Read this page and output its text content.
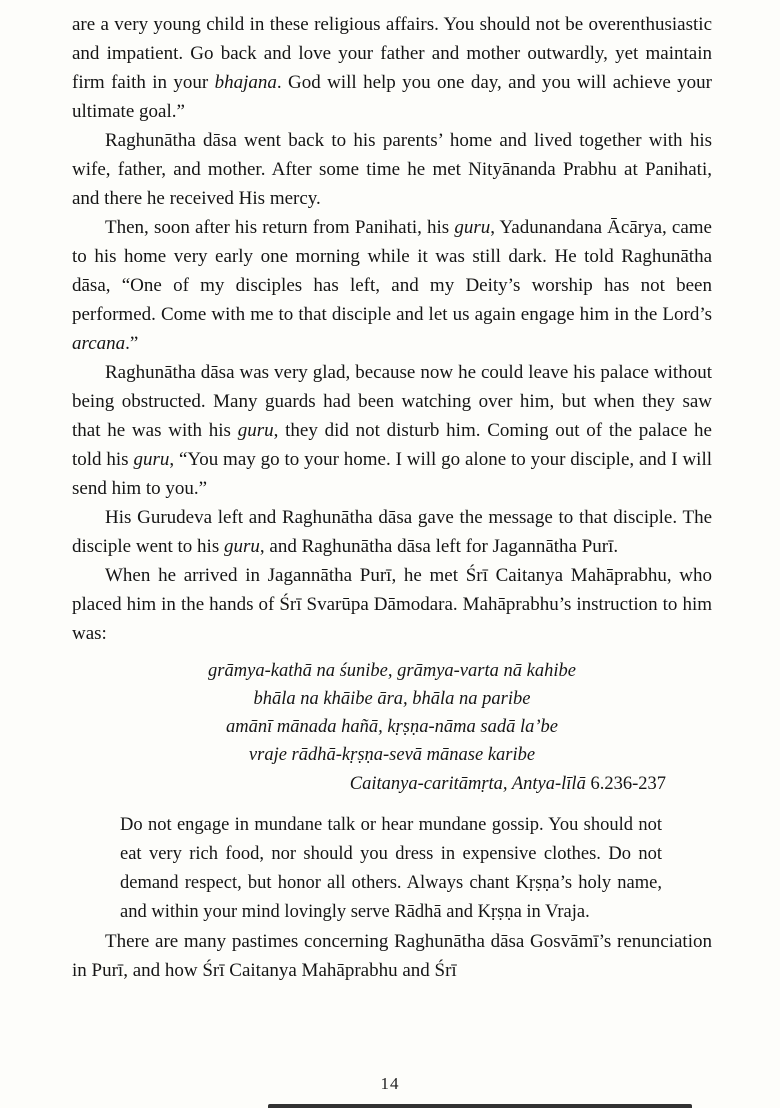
are a very young child in these religious affairs. You should not be overenthusiastic and impatient. Go back and love your father and mother outwardly, yet maintain firm faith in your bhajana. God will help you one day, and you will achieve your ultimate goal.”

Raghunātha dāsa went back to his parents’ home and lived together with his wife, father, and mother. After some time he met Nityānanda Prabhu at Panihati, and there he received His mercy.

Then, soon after his return from Panihati, his guru, Yadunandana Ācārya, came to his home very early one morning while it was still dark. He told Raghunātha dāsa, “One of my disciples has left, and my Deity’s worship has not been performed. Come with me to that disciple and let us again engage him in the Lord’s arcana.”

Raghunātha dāsa was very glad, because now he could leave his palace without being obstructed. Many guards had been watching over him, but when they saw that he was with his guru, they did not disturb him. Coming out of the palace he told his guru, “You may go to your home. I will go alone to your disciple, and I will send him to you.”

His Gurudeva left and Raghunātha dāsa gave the message to that disciple. The disciple went to his guru, and Raghunātha dāsa left for Jagannātha Purī.

When he arrived in Jagannātha Purī, he met Śrī Caitanya Mahāprabhu, who placed him in the hands of Śrī Svarūpa Dāmodara. Mahāprabhu’s instruction to him was:

grāmya-kathā na śunibe, grāmya-varta nā kahibe
bhāla na khāibe āra, bhāla na paribe
amānī mānada hañā, kṛṣṇa-nāma sadā la’be
vraje rādhā-kṛṣṇa-sevā mānase karibe
Caitanya-caritāmṛta, Antya-līlā 6.236-237
Do not engage in mundane talk or hear mundane gossip. You should not eat very rich food, nor should you dress in expensive clothes. Do not demand respect, but honor all others. Always chant Kṛṣṇa’s holy name, and within your mind lovingly serve Rādhā and Kṛṣṇa in Vraja.

There are many pastimes concerning Raghunātha dāsa Gosvāmī’s renunciation in Purī, and how Śrī Caitanya Mahāprabhu and Śrī

14
